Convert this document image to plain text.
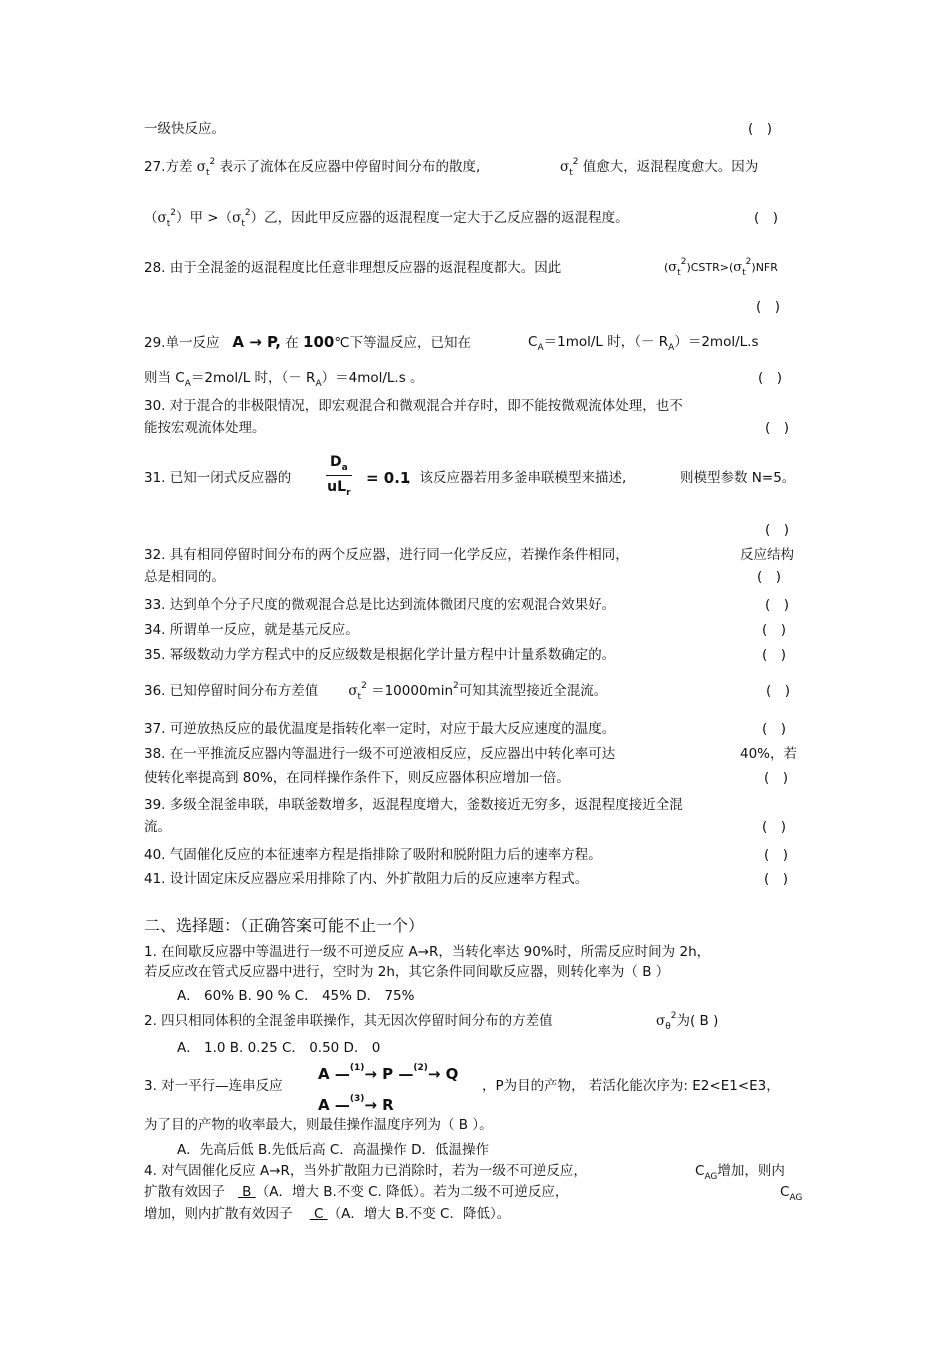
一级快反应。	(　)
27.方差 $\sigma_t^2$ 表示了流体在反应器中停留时间分布的散度,	$\sigma_t^2$ 值愈大，返混程度愈大。因为
$(\sigma_t^2)$甲 $>(\sigma_t^2)$乙，因此甲反应器的返混程度一定大于乙反应器的返混程度。	(　)
28. 由于全混釜的返混程度比任意非理想反应器的返混程度都大。因此	$(\sigma_t^2)CSTR>(\sigma_t^2)NFR$
(　)
29.单一反应 A → P, 在 100℃下等温反应，已知在	$C_A=1mol/L$ 时，（－ $R_A)=2mol/L.s$
则当 $C_A=2mol/L$ 时，（－ $R_A)=4mol/L.s$ 。	(　)
30. 对于混合的非极限情况，即宏观混合和微观混合并存时，即不能按微观流体处理，也不
能按宏观流体处理。	(　)
31. 已知一闭式反应器的 $\frac{D_a}{uL_r} = 0.1$
，该反应器若用多釜串联模型来描述,	则模型参数 N=5。
(　)
32. 具有相同停留时间分布的两个反应器，进行同一化学反应，若操作条件相同，	反应结构
总是相同的。	(　)
33. 达到单个分子尺度的微观混合总是比达到流体微团尺度的宏观混合效果好。	(　)
34. 所谓单一反应，就是基元反应。	(　)
35. 幂级数动力学方程式中的反应级数是根据化学计量方程中计量系数确定的。	(　)
36. 已知停留时间分布方差值 $\sigma_t^2 =10000\min^2$可知其流型接近全混流。	(　)
37. 可逆放热反应的最优温度是指转化率一定时，对应于最大反应速度的温度。	(　)
38. 在一平推流反应器内等温进行一级不可逆液相反应，反应器出中转化率可达	40%，若
使转化率提高到 80%，在同样操作条件下，则反应器体积应增加一倍。	(　)
39. 多级全混釜串联，串联釜数增多，返混程度增大，釜数接近无穷多，返混程度接近全混
流。	(　)
40. 气固催化反应的本征速率方程是指排除了吸附和脱附阻力后的速率方程。	(　)
41. 设计固定床反应器应采用排除了内、外扩散阻力后的反应速率方程式。	(　)
二、选择题：（正确答案可能不止一个）
1. 在间歇反应器中等温进行一级不可逆反应 A→R，当转化率达 90%时，所需反应时间为 2h，
若反应改在管式反应器中进行，空时为 2h，其它条件同间歇反应器，则转化率为（ B ）
A． 60% B. 90 % C． 45% D． 75%
2. 四只相同体积的全混釜串联操作，其无因次停留时间分布的方差值	$\sigma_\theta^2$为( B )
A． 1.0 B. 0.25 C． 0.50 D． 0
3. 对一平行—连串反应
A —$^{(1)}$→ P —$^{(2)}$→ Q
A —$^{(3)}$→ R
，P为目的产物， 若活化能次序为: E2<E1<E3，
为了目的产物的收率最大，则最佳操作温度序列为（ B ）。
A．先高后低 B.先低后高 C．高温操作 D．低温操作
4. 对气固催化反应 A→R，当外扩散阻力已消除时，若为一级不可逆反应，	$C_{AG}$增加，则内
扩散有效因子    B （A．增大 B.不变 C. 降低）。若为二级不可逆反应，	$C_{AG}$
增加，则内扩散有效因子     C （A．增大 B.不变 C．降低）。
